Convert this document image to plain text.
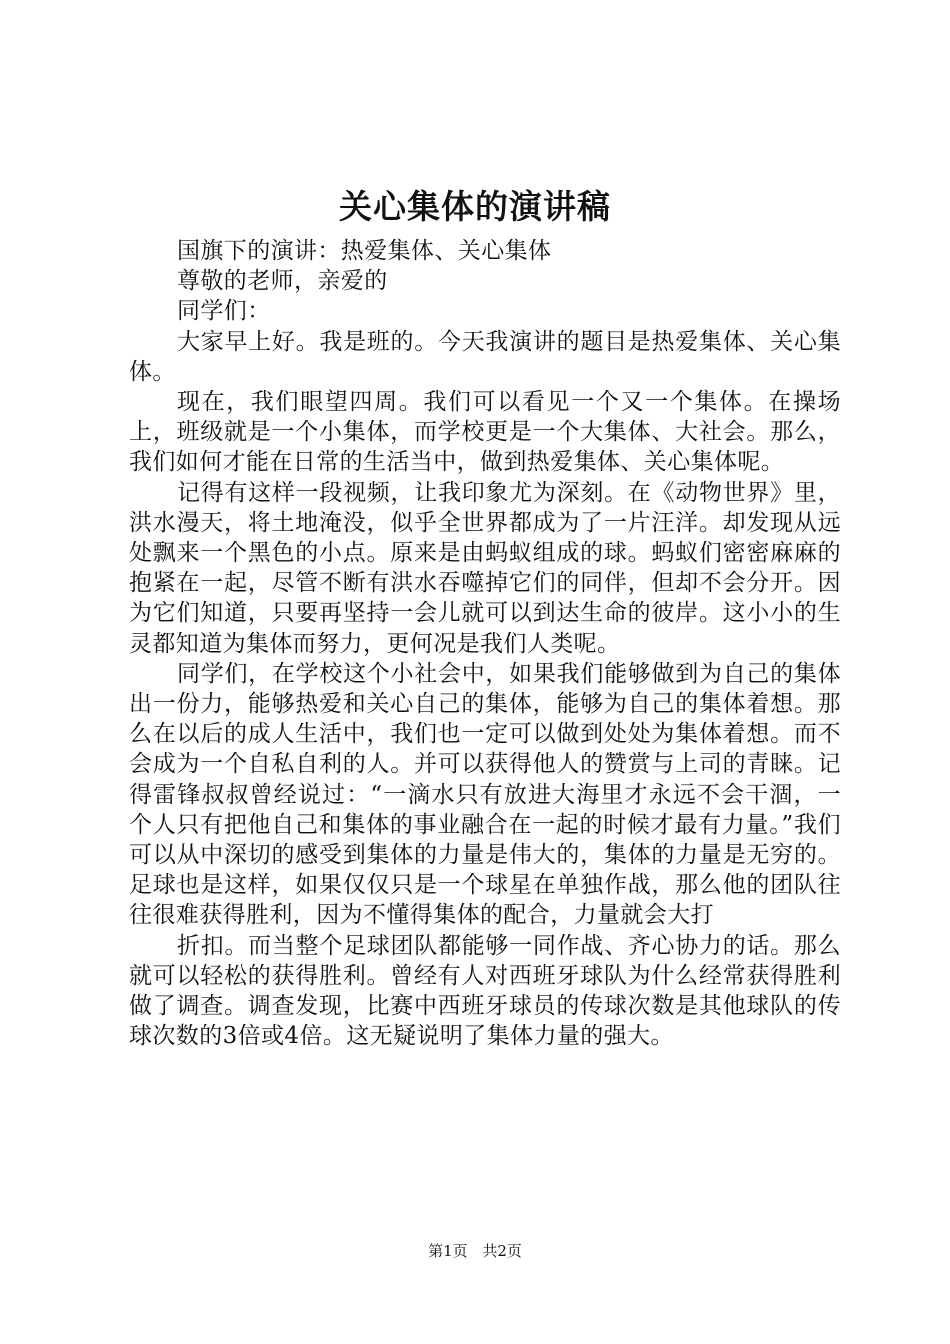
关心集体的演讲稿

国旗下的演讲：热爱集体、关心集体

尊敬的老师，亲爱的

同学们：

大家早上好。我是班的。今天我演讲的题目是热爱集体、关心集体。

现在，我们眼望四周。我们可以看见一个又一个集体。在操场上，班级就是一个小集体，而学校更是一个大集体、大社会。那么，我们如何才能在日常的生活当中，做到热爱集体、关心集体呢。

记得有这样一段视频，让我印象尤为深刻。在《动物世界》里，洪水漫天，将土地淹没，似乎全世界都成为了一片汪洋。却发现从远处飘来一个黑色的小点。原来是由蚂蚁组成的球。蚂蚁们密密麻麻的抱紧在一起，尽管不断有洪水吞噬掉它们的同伴，但却不会分开。因为它们知道，只要再坚持一会儿就可以到达生命的彼岸。这小小的生灵都知道为集体而努力，更何况是我们人类呢。

同学们，在学校这个小社会中，如果我们能够做到为自己的集体出一份力，能够热爱和关心自己的集体，能够为自己的集体着想。那么在以后的成人生活中，我们也一定可以做到处处为集体着想。而不会成为一个自私自利的人。并可以获得他人的赞赏与上司的青睐。记得雷锋叔叔曾经说过：“一滴水只有放进大海里才永远不会干涸，一个人只有把他自己和集体的事业融合在一起的时候才最有力量。”我们可以从中深切的感受到集体的力量是伟大的，集体的力量是无穷的。足球也是这样，如果仅仅只是一个球星在单独作战，那么他的团队往往很难获得胜利，因为不懂得集体的配合，力量就会大打

折扣。而当整个足球团队都能够一同作战、齐心协力的话。那么就可以轻松的获得胜利。曾经有人对西班牙球队为什么经常获得胜利做了调查。调查发现，比赛中西班牙球员的传球次数是其他球队的传球次数的3倍或4倍。这无疑说明了集体力量的强大。

第1页 共2页
